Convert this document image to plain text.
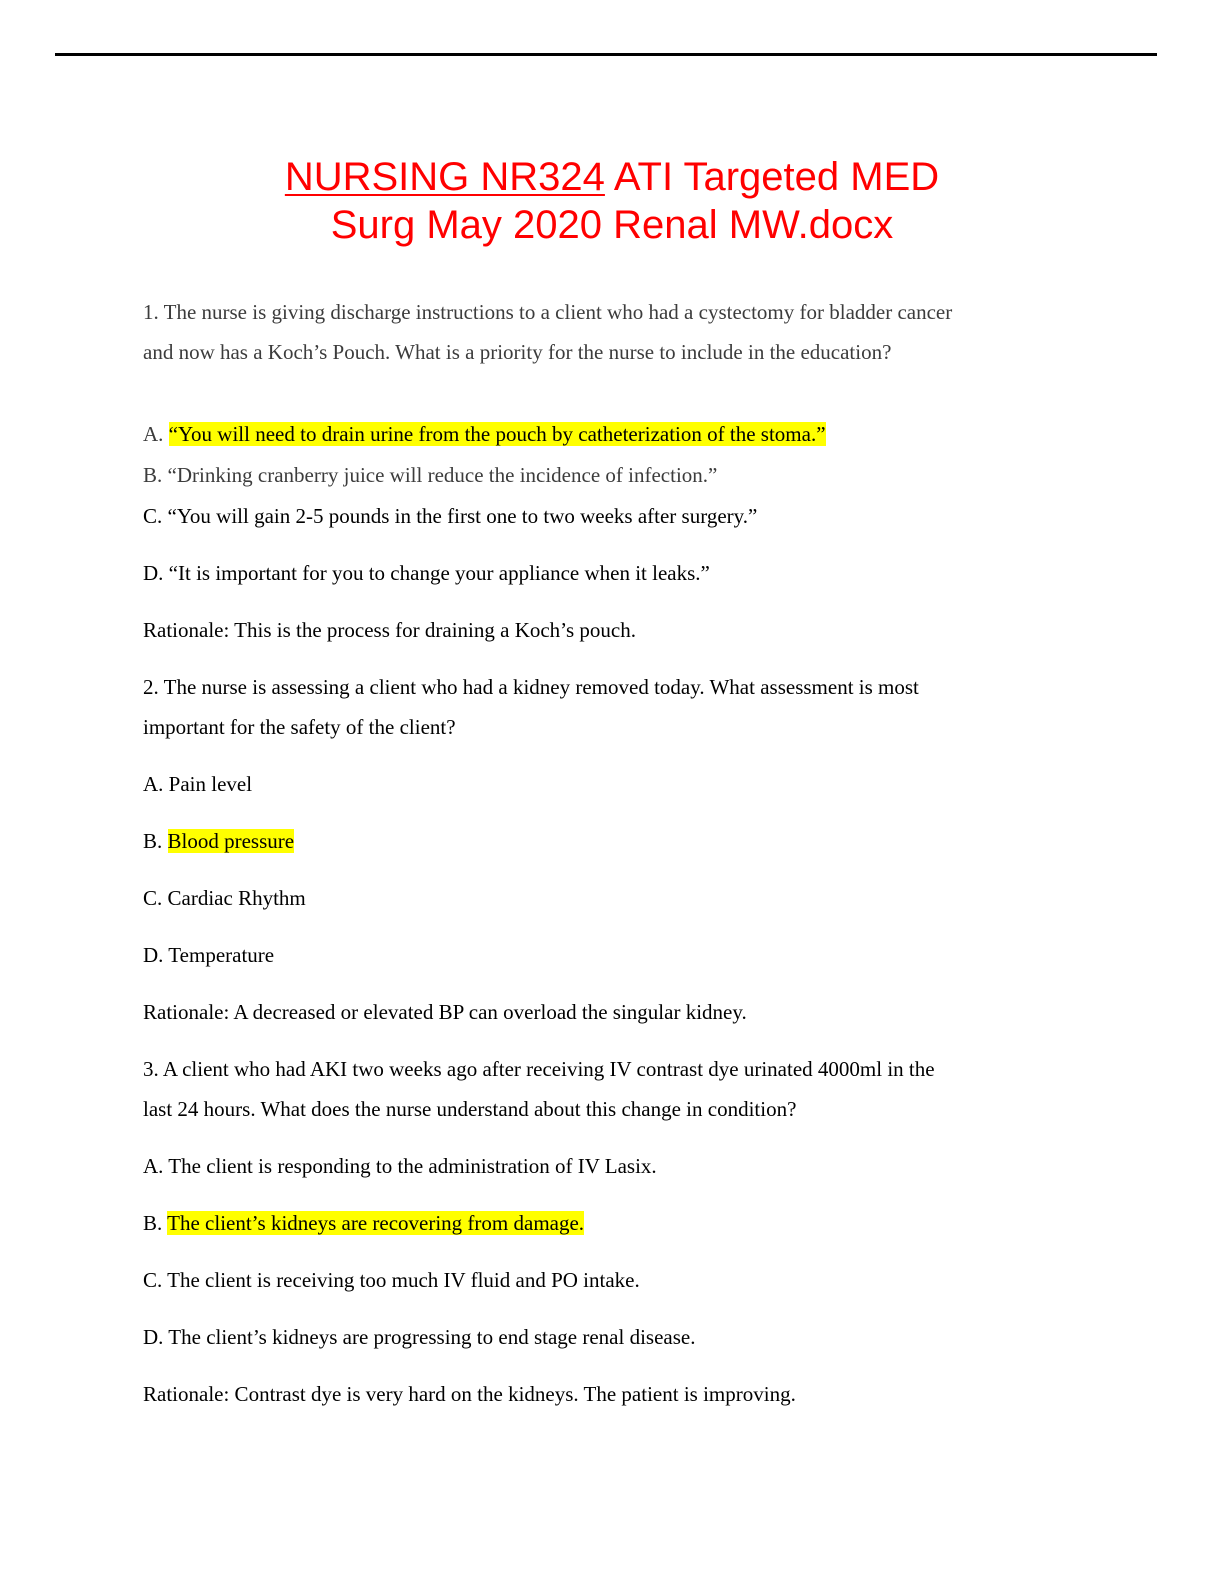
NURSING NR324 ATI Targeted MED
Surg May 2020 Renal MW.docx
1. The nurse is giving discharge instructions to a client who had a cystectomy for bladder cancer
and now has a Koch’s Pouch. What is a priority for the nurse to include in the education?
A. “You will need to drain urine from the pouch by catheterization of the stoma.”
B. “Drinking cranberry juice will reduce the incidence of infection.”
C. “You will gain 2-5 pounds in the first one to two weeks after surgery.”
D. “It is important for you to change your appliance when it leaks.”
Rationale: This is the process for draining a Koch’s pouch.
2. The nurse is assessing a client who had a kidney removed today. What assessment is most
important for the safety of the client?
A. Pain level
B. Blood pressure
C. Cardiac Rhythm
D. Temperature
Rationale: A decreased or elevated BP can overload the singular kidney.
3. A client who had AKI two weeks ago after receiving IV contrast dye urinated 4000ml in the
last 24 hours. What does the nurse understand about this change in condition?
A. The client is responding to the administration of IV Lasix.
B. The client’s kidneys are recovering from damage.
C. The client is receiving too much IV fluid and PO intake.
D. The client’s kidneys are progressing to end stage renal disease.
Rationale: Contrast dye is very hard on the kidneys. The patient is improving.
